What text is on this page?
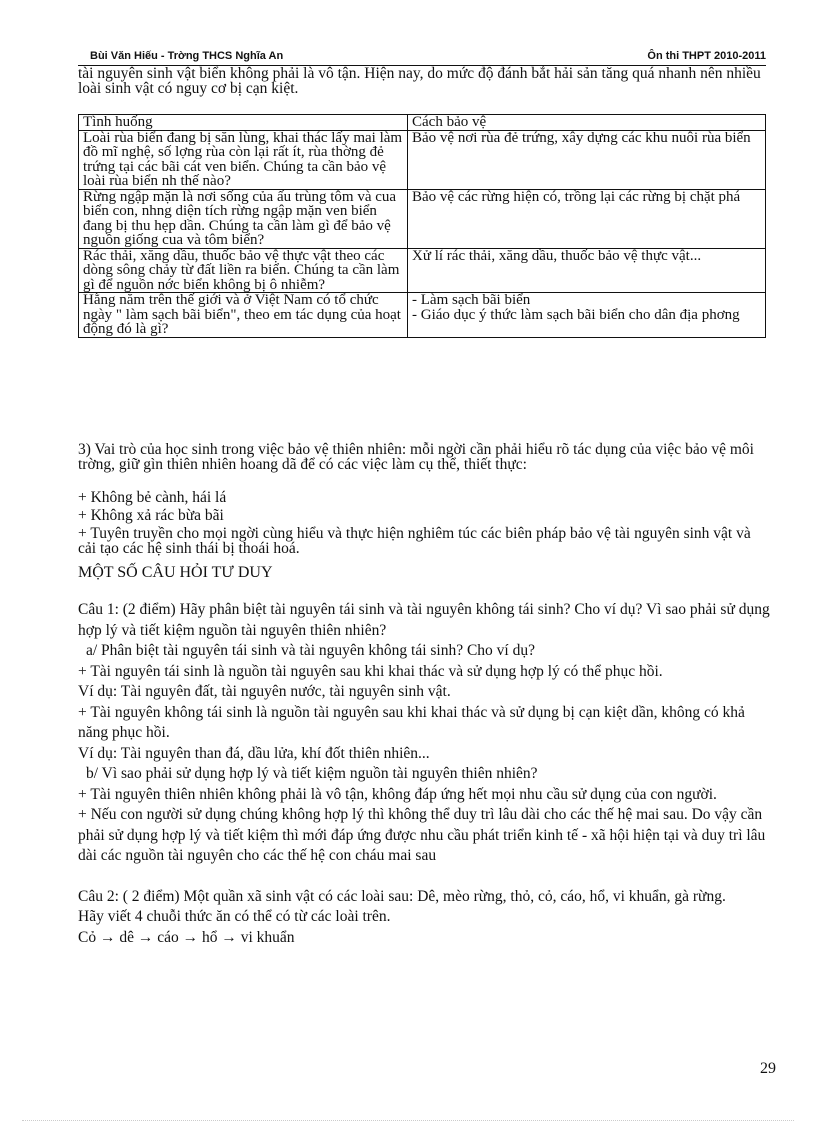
Bùi Văn Hiếu - Trờng THCS Nghĩa An	Ôn thi THPT 2010-2011
tài nguyên sinh vật biển không phải là vô tận. Hiện nay, do mức độ đánh bắt hải sản tăng quá nhanh nên nhiều loài sinh vật có nguy cơ bị cạn kiệt.
Tình huống	Cách bảo vệ
Loài rùa biển đang bị săn lùng, khai thác lấy mai làm đồ mĩ nghệ, số lợng rùa còn lại rất ít, rùa thờng đẻ trứng tại các bãi cát ven biển. Chúng ta cần bảo vệ loài rùa biển nh thế nào?	Bảo vệ nơi rùa đẻ trứng, xây dựng các khu nuôi rùa biển
Rừng ngập mặn là nơi sống của ấu trùng tôm và cua biển con, nhng diện tích rừng ngập mặn ven biển đang bị thu hẹp dần. Chúng ta cần làm gì để bảo vệ nguồn giống cua và tôm biển?	Bảo vệ các rừng hiện có, trồng lại các rừng bị chặt phá
Rác thải, xăng dầu, thuốc bảo vệ thực vật theo các dòng sông chảy từ đất liền ra biển. Chúng ta cần làm gì để nguồn nớc biển không bị ô nhiễm?	Xử lí rác thải, xăng dầu, thuốc bảo vệ thực vật...
Hằng năm trên thế giới và ở Việt Nam có tổ chức ngày " làm sạch bãi biển", theo em tác dụng của hoạt động đó là gì?	- Làm sạch bãi biển
- Giáo dục ý thức làm sạch bãi biển cho dân địa phơng
3) Vai trò của học sinh trong việc bảo vệ thiên nhiên: mỗi ngời cần phải hiểu rõ tác dụng của việc bảo vệ môi trờng, giữ gìn thiên nhiên hoang dã để có các việc làm cụ thể, thiết thực:
+ Không bẻ cành, hái lá
+ Không xả rác bừa bãi
+ Tuyên truyền cho mọi ngời cùng hiểu và thực hiện nghiêm túc các biên pháp bảo vệ tài nguyên sinh vật và cải tạo các hệ sinh thái bị thoái hoá.
MỘT SỐ CÂU HỎI TƯ DUY

Câu 1: (2 điểm) Hãy phân biệt tài nguyên tái sinh và tài nguyên không tái sinh? Cho ví dụ? Vì sao phải sử dụng hợp lý và tiết kiệm nguồn tài nguyên thiên nhiên?

a/ Phân biệt tài nguyên tái sinh và tài nguyên không tái sinh? Cho ví dụ?

+ Tài nguyên tái sinh là nguồn tài nguyên sau khi khai thác và sử dụng hợp lý có thể phục hồi.

Ví dụ: Tài nguyên đất, tài nguyên nước, tài nguyên sinh vật.

+ Tài nguyên không tái sinh là nguồn tài nguyên sau khi khai thác và sử dụng bị cạn kiệt dần, không có khả năng phục hồi.

Ví dụ: Tài nguyên than đá, dầu lửa, khí đốt thiên nhiên...

b/ Vì sao phải sử dụng hợp lý và tiết kiệm nguồn tài nguyên thiên nhiên?

+ Tài nguyên thiên nhiên không phải là vô tận, không đáp ứng hết mọi nhu cầu sử dụng của con người.

+ Nếu con người sử dụng chúng không hợp lý thì không thể duy trì lâu dài cho các thế hệ mai sau. Do vậy cần phải sử dụng hợp lý và tiết kiệm thì mới đáp ứng được nhu cầu phát triển kinh tế - xã hội hiện tại và duy trì lâu dài các nguồn tài nguyên cho các thế hệ con cháu mai sau

Câu 2: ( 2 điểm) Một quần xã sinh vật có các loài sau: Dê, mèo rừng, thỏ, cỏ, cáo, hổ, vi khuẩn, gà rừng.

Hãy viết 4 chuỗi thức ăn có thể có từ các loài trên.

Cỏ → dê → cáo → hổ → vi khuẩn

29
